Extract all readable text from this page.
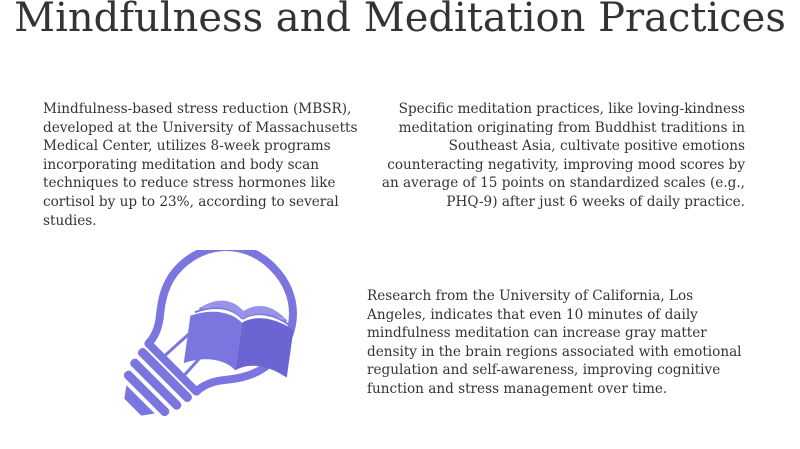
Mindfulness and Meditation Practices

Mindfulness-based stress reduction (MBSR), developed at the University of Massachusetts Medical Center, utilizes 8-week programs incorporating meditation and body scan techniques to reduce stress hormones like cortisol by up to 23%, according to several studies.

Specific meditation practices, like loving-kindness meditation originating from Buddhist traditions in Southeast Asia, cultivate positive emotions counteracting negativity, improving mood scores by an average of 15 points on standardized scales (e.g., PHQ-9) after just 6 weeks of daily practice.

Research from the University of California, Los Angeles, indicates that even 10 minutes of daily mindfulness meditation can increase gray matter density in the brain regions associated with emotional regulation and self-awareness, improving cognitive function and stress management over time.
